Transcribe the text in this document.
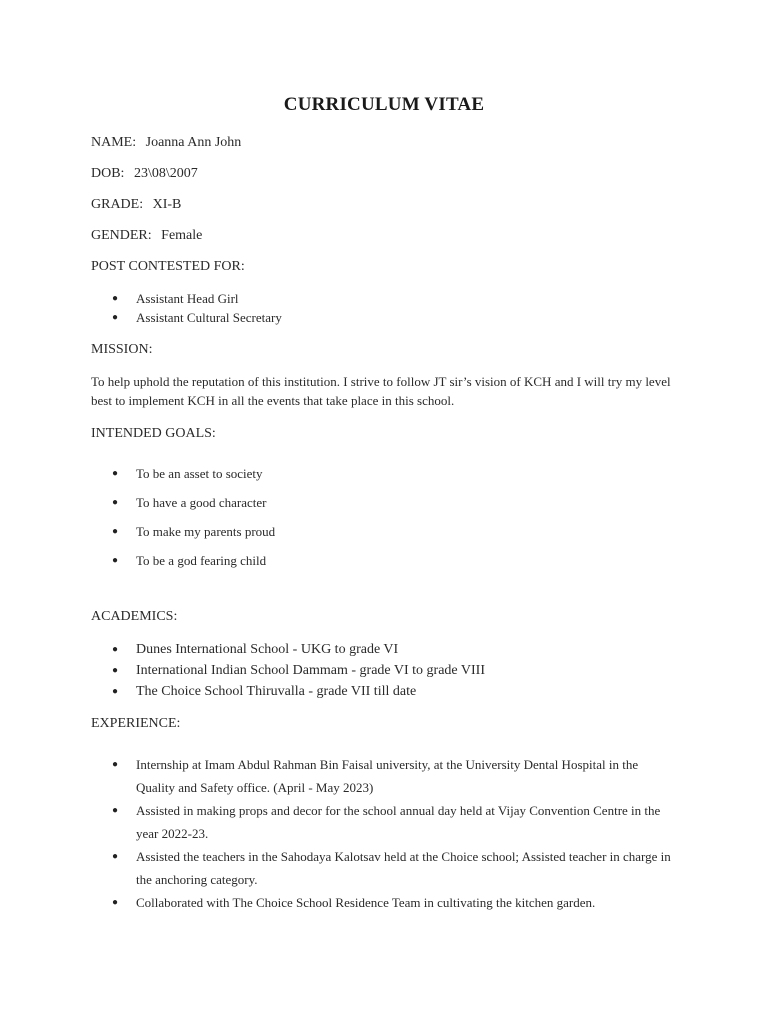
CURRICULUM VITAE
NAME: Joanna Ann John
DOB: 23\08\2007
GRADE: XI-B
GENDER: Female
POST CONTESTED FOR:
● Assistant Head Girl
● Assistant Cultural Secretary
MISSION:
To help uphold the reputation of this institution. I strive to follow JT sir’s vision of KCH and I will try my level best to implement KCH in all the events that take place in this school.
INTENDED GOALS:
● To be an asset to society
● To have a good character
● To make my parents proud
● To be a god fearing child
ACADEMICS:
● Dunes International School - UKG to grade VI
● International Indian School Dammam - grade VI to grade VIII
● The Choice School Thiruvalla - grade VII till date
EXPERIENCE:
● Internship at Imam Abdul Rahman Bin Faisal university, at the University Dental Hospital in the Quality and Safety office. (April - May 2023)
● Assisted in making props and decor for the school annual day held at Vijay Convention Centre in the year 2022-23.
● Assisted the teachers in the Sahodaya Kalotsav held at the Choice school; Assisted teacher in charge in the anchoring category.
● Collaborated with The Choice School Residence Team in cultivating the kitchen garden.
